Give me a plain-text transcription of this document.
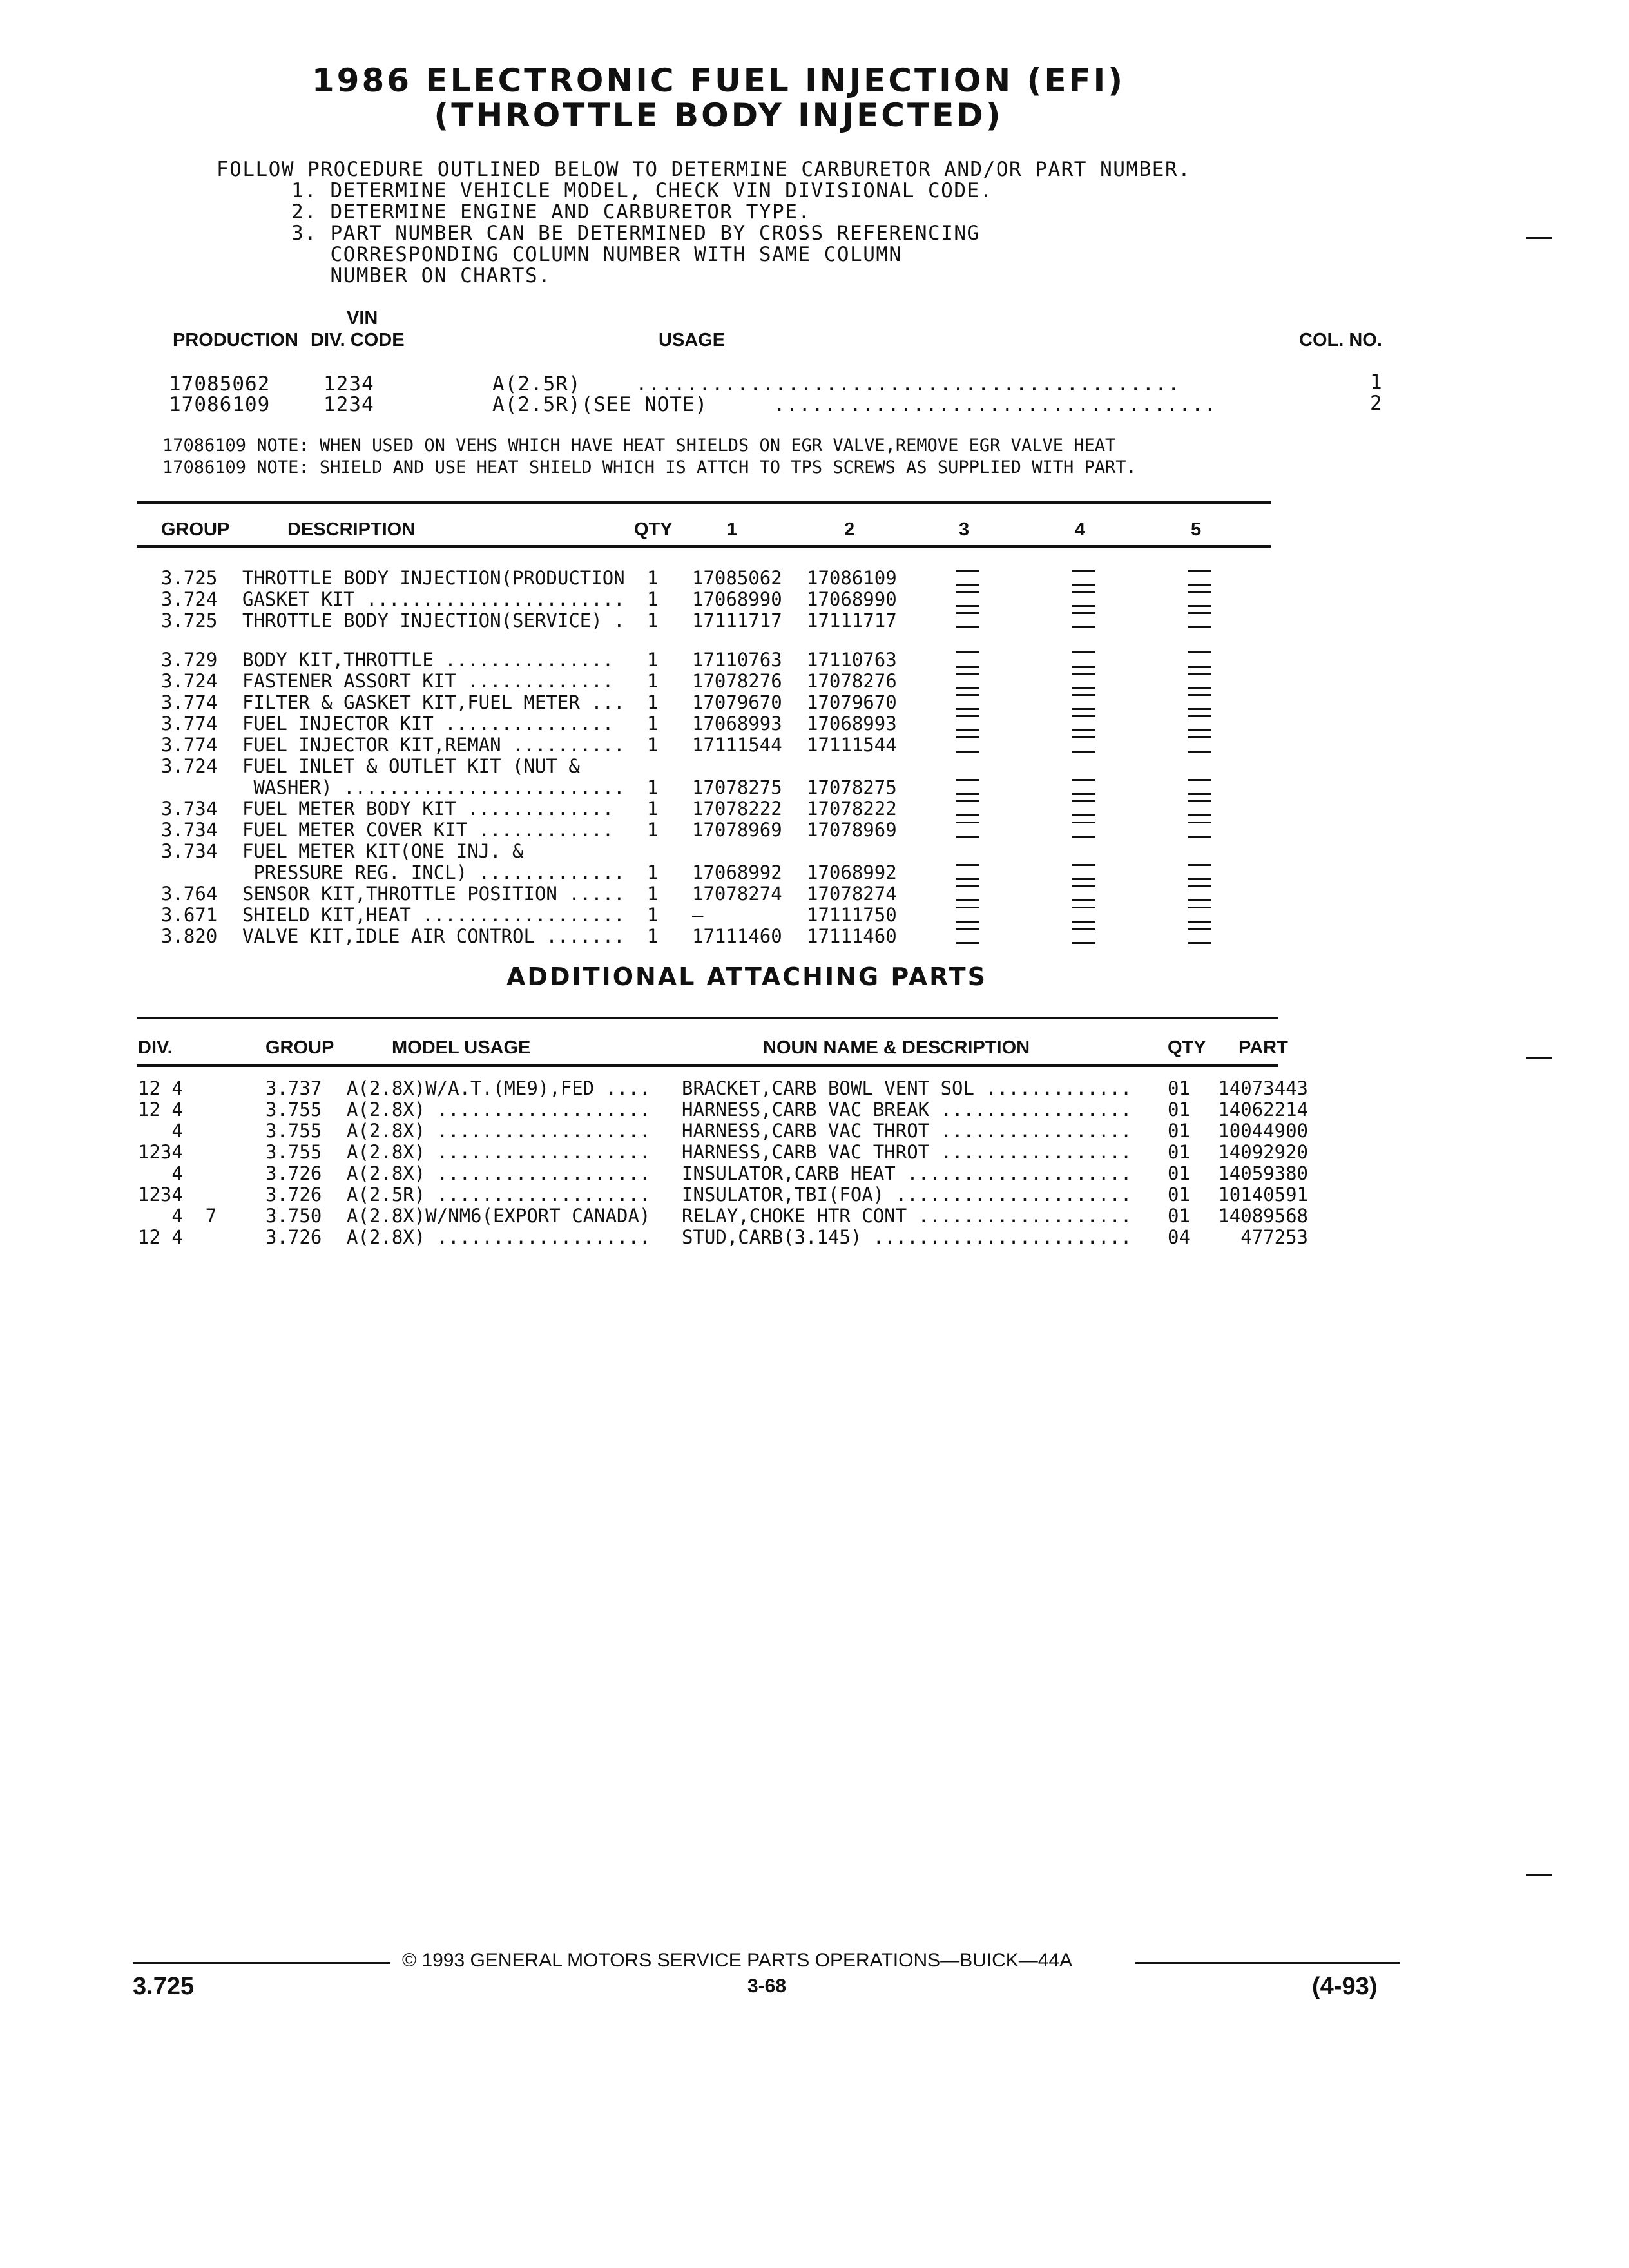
1986 ELECTRONIC FUEL INJECTION (EFI)
(THROTTLE BODY INJECTED)
FOLLOW PROCEDURE OUTLINED BELOW TO DETERMINE CARBURETOR AND/OR PART NUMBER.
1. DETERMINE VEHICLE MODEL, CHECK VIN DIVISIONAL CODE.
2. DETERMINE ENGINE AND CARBURETOR TYPE.
3. PART NUMBER CAN BE DETERMINED BY CROSS REFERENCING
CORRESPONDING COLUMN NUMBER WITH SAME COLUMN
NUMBER ON CHARTS.
VIN
PRODUCTION DIV. CODE	USAGE	COL. NO.
17085062	1234	A(2.5R)	...........................................	1
17086109	1234	A(2.5R)(SEE NOTE)	...................................	2
17086109 NOTE: WHEN USED ON VEHS WHICH HAVE HEAT SHIELDS ON EGR VALVE,REMOVE EGR VALVE HEAT
17086109 NOTE: SHIELD AND USE HEAT SHIELD WHICH IS ATTCH TO TPS SCREWS AS SUPPLIED WITH PART.
GROUP	DESCRIPTION	QTY	1	2	3	4	5
3.725 THROTTLE BODY INJECTION(PRODUCTION 1 17085062 17086109
3.724 GASKET KIT ....................... 1 17068990 17068990
3.725 THROTTLE BODY INJECTION(SERVICE) . 1 17111717 17111717
3.729 BODY KIT,THROTTLE ............... 1 17110763 17110763
3.724 FASTENER ASSORT KIT ............. 1 17078276 17078276
3.774 FILTER & GASKET KIT,FUEL METER ... 1 17079670 17079670
3.774 FUEL INJECTOR KIT ............... 1 17068993 17068993
3.774 FUEL INJECTOR KIT,REMAN .......... 1 17111544 17111544
3.724 FUEL INLET & OUTLET KIT (NUT &
WASHER) ......................... 1 17078275 17078275
3.734 FUEL METER BODY KIT ............. 1 17078222 17078222
3.734 FUEL METER COVER KIT ............ 1 17078969 17078969
3.734 FUEL METER KIT(ONE INJ. &
PRESSURE REG. INCL) ............. 1 17068992 17068992
3.764 SENSOR KIT,THROTTLE POSITION ..... 1 17078274 17078274
3.671 SHIELD KIT,HEAT .................. 1 —	17111750
3.820 VALVE KIT,IDLE AIR CONTROL ....... 1 17111460 17111460
ADDITIONAL ATTACHING PARTS
DIV.	GROUP	MODEL USAGE	NOUN NAME & DESCRIPTION	QTY PART
12 4	3.737 A(2.8X)W/A.T.(ME9),FED .... BRACKET,CARB BOWL VENT SOL ............. 01 14073443
12 4	3.755 A(2.8X) ................... HARNESS,CARB VAC BREAK ................. 01 14062214
4	3.755 A(2.8X) ................... HARNESS,CARB VAC THROT ................. 01 10044900
1234	3.755 A(2.8X) ................... HARNESS,CARB VAC THROT ................. 01 14092920
4	3.726 A(2.8X) ................... INSULATOR,CARB HEAT .................... 01 14059380
1234	3.726 A(2.5R) ................... INSULATOR,TBI(FOA) ..................... 01 10140591
4  7	3.750 A(2.8X)W/NM6(EXPORT CANADA) RELAY,CHOKE HTR CONT ................... 01 14089568
12 4	3.726 A(2.8X) ................... STUD,CARB(3.145) ....................... 04	477253
© 1993 GENERAL MOTORS SERVICE PARTS OPERATIONS—BUICK—44A
3.725	3-68	(4-93)
